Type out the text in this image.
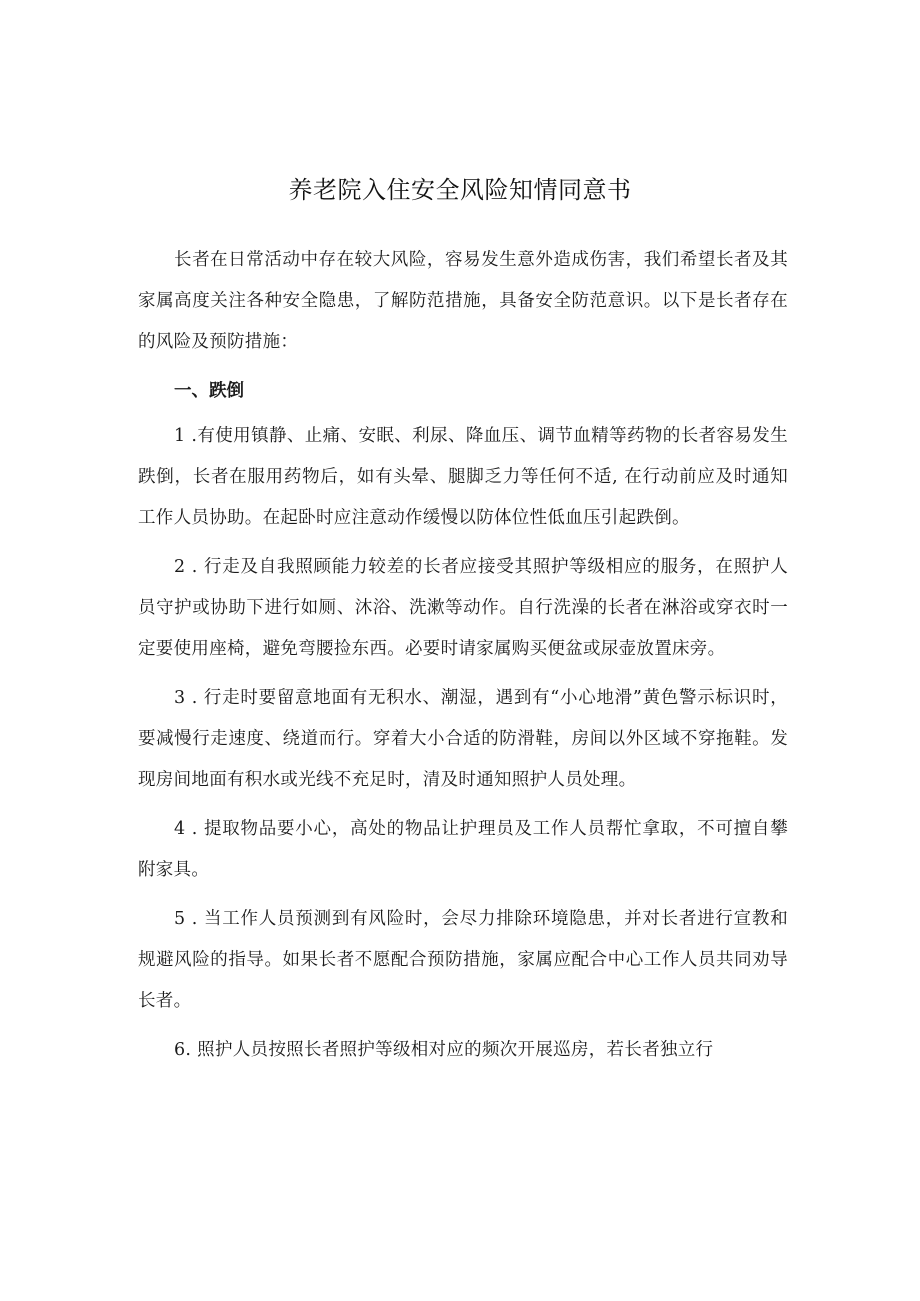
养老院入住安全风险知情同意书

长者在日常活动中存在较大风险，容易发生意外造成伤害，我们希望长者及其家属高度关注各种安全隐患，了解防范措施，具备安全防范意识。以下是长者存在的风险及预防措施：

一、跌倒

1 .有使用镇静、止痛、安眠、利尿、降血压、调节血精等药物的长者容易发生跌倒，长者在服用药物后，如有头晕、腿脚乏力等任何不适, 在行动前应及时通知工作人员协助。在起卧时应注意动作缓慢以防体位性低血压引起跌倒。

2 . 行走及自我照顾能力较差的长者应接受其照护等级相应的服务，在照护人员守护或协助下进行如厕、沐浴、洗漱等动作。自行洗澡的长者在淋浴或穿衣时一定要使用座椅，避免弯腰捡东西。必要时请家属购买便盆或尿壶放置床旁。

3 . 行走时要留意地面有无积水、潮湿，遇到有“小心地滑”黄色警示标识时，要减慢行走速度、绕道而行。穿着大小合适的防滑鞋，房间以外区域不穿拖鞋。发现房间地面有积水或光线不充足时，清及时通知照护人员处理。

4 . 提取物品要小心，高处的物品让护理员及工作人员帮忙拿取，不可擅自攀附家具。

5 . 当工作人员预测到有风险时，会尽力排除环境隐患，并对长者进行宣教和规避风险的指导。如果长者不愿配合预防措施，家属应配合中心工作人员共同劝导长者。

6. 照护人员按照长者照护等级相对应的频次开展巡房，若长者独立行
